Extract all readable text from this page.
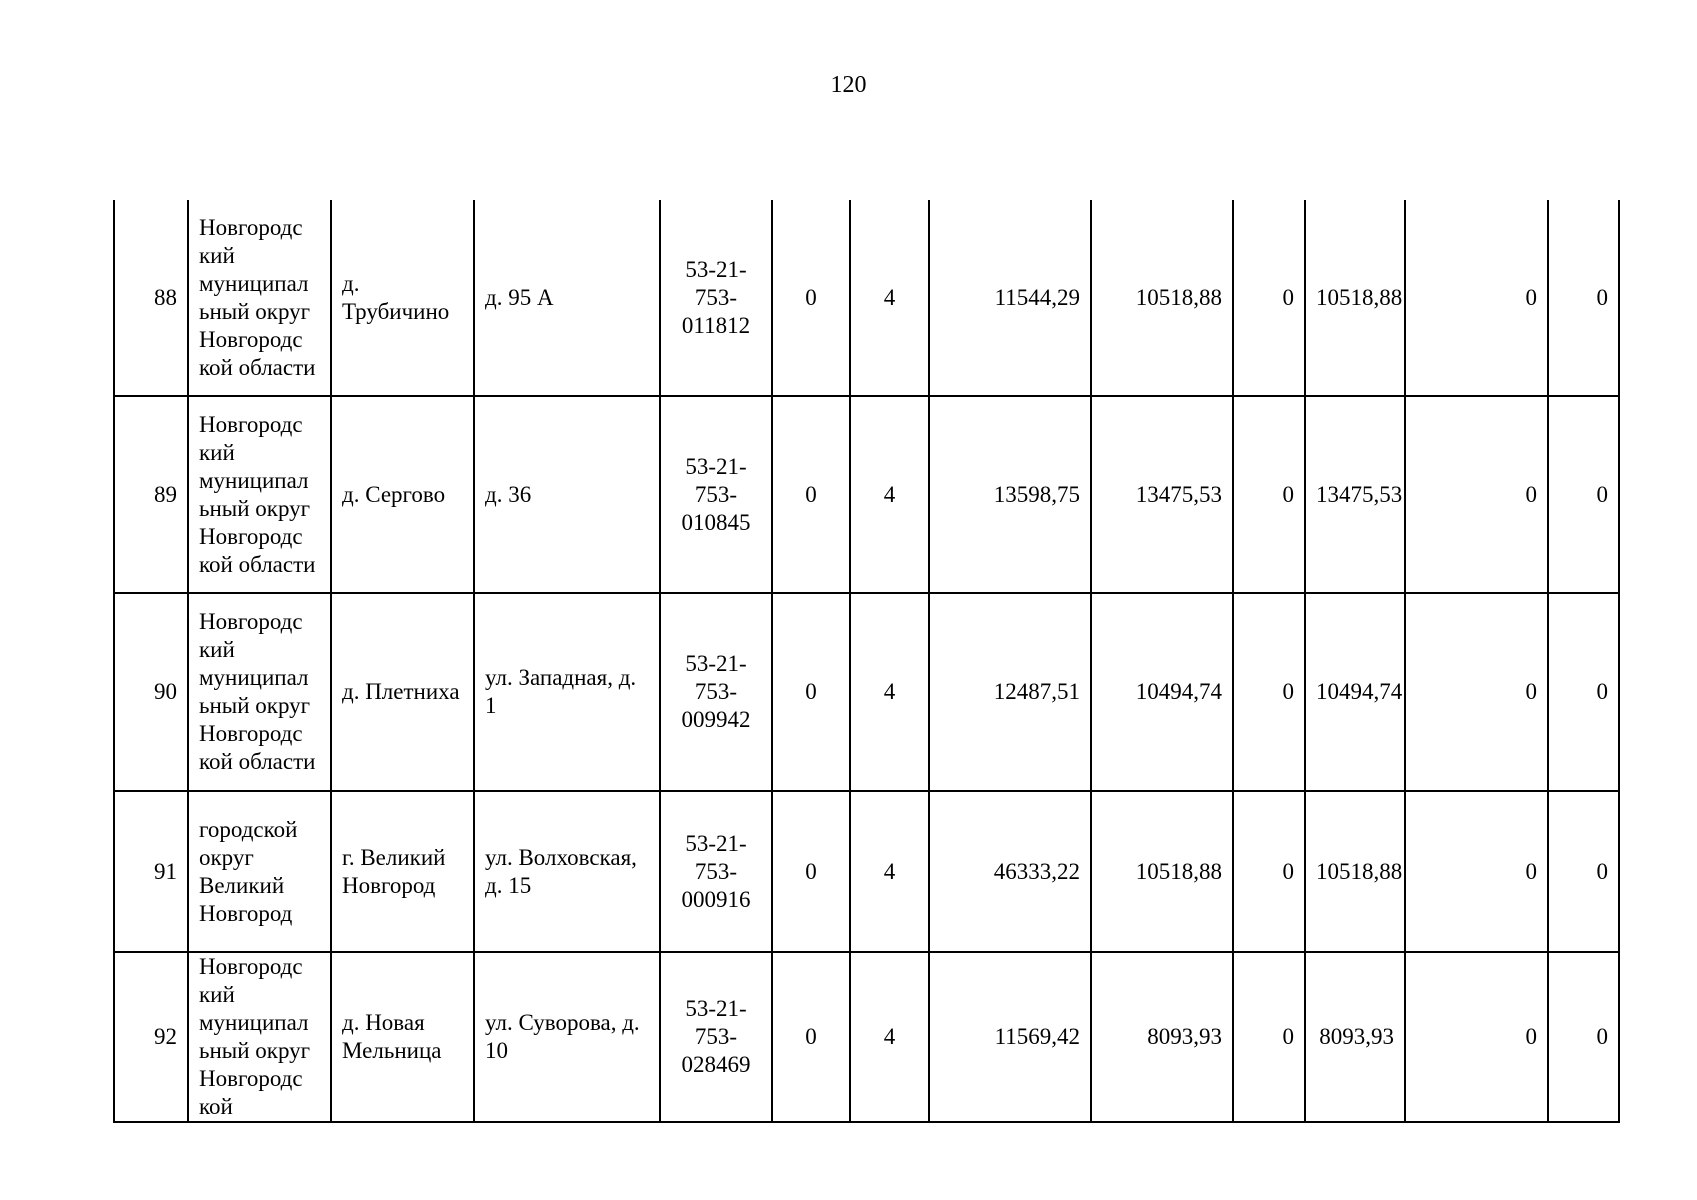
120
88	Новгородс кий муниципал ьный округ Новгородс кой области	д. Трубичино	д. 95 А	53-21- 753- 011812	0	4	11544,29	10518,88	0	10518,88	0	0
89	Новгородс кий муниципал ьный округ Новгородс кой области	д. Сергово	д. 36	53-21- 753- 010845	0	4	13598,75	13475,53	0	13475,53	0	0
90	Новгородс кий муниципал ьный округ Новгородс кой области	д. Плетниха	ул. Западная, д. 1	53-21- 753- 009942	0	4	12487,51	10494,74	0	10494,74	0	0
91	городской округ Великий Новгород	г. Великий Новгород	ул. Волховская, д. 15	53-21- 753- 000916	0	4	46333,22	10518,88	0	10518,88	0	0
92	Новгородс кий муниципал ьный округ Новгородс кой	д. Новая Мельница	ул. Суворова, д. 10	53-21- 753- 028469	0	4	11569,42	8093,93	0	8093,93	0	0
